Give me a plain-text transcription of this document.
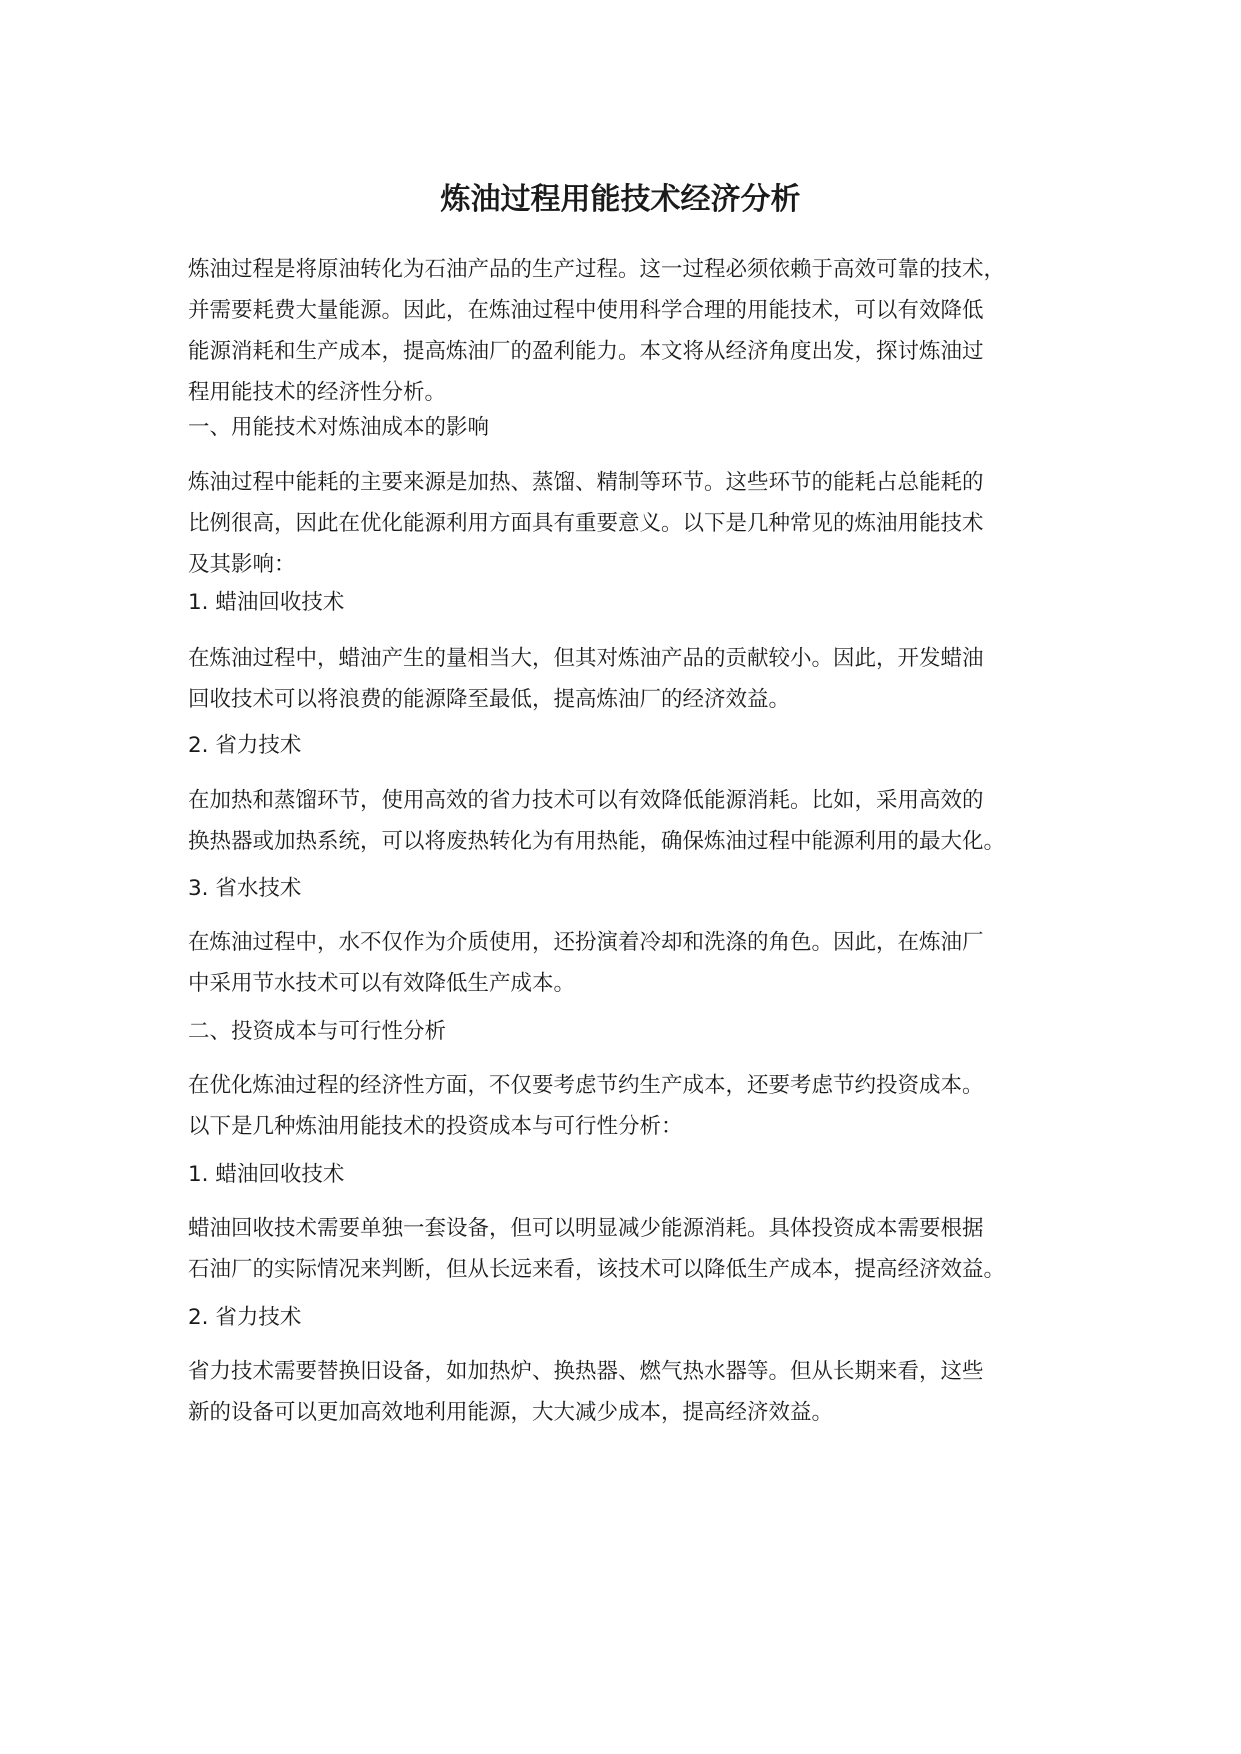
炼油过程用能技术经济分析
炼油过程是将原油转化为石油产品的生产过程。这一过程必须依赖于高效可靠的技术，
并需要耗费大量能源。因此，在炼油过程中使用科学合理的用能技术，可以有效降低
能源消耗和生产成本，提高炼油厂的盈利能力。本文将从经济角度出发，探讨炼油过
程用能技术的经济性分析。
一、用能技术对炼油成本的影响
炼油过程中能耗的主要来源是加热、蒸馏、精制等环节。这些环节的能耗占总能耗的
比例很高，因此在优化能源利用方面具有重要意义。以下是几种常见的炼油用能技术
及其影响：
1. 蜡油回收技术
在炼油过程中，蜡油产生的量相当大，但其对炼油产品的贡献较小。因此，开发蜡油
回收技术可以将浪费的能源降至最低，提高炼油厂的经济效益。
2. 省力技术
在加热和蒸馏环节，使用高效的省力技术可以有效降低能源消耗。比如，采用高效的
换热器或加热系统，可以将废热转化为有用热能，确保炼油过程中能源利用的最大化。
3. 省水技术
在炼油过程中，水不仅作为介质使用，还扮演着冷却和洗涤的角色。因此，在炼油厂
中采用节水技术可以有效降低生产成本。
二、投资成本与可行性分析
在优化炼油过程的经济性方面，不仅要考虑节约生产成本，还要考虑节约投资成本。
以下是几种炼油用能技术的投资成本与可行性分析：
1. 蜡油回收技术
蜡油回收技术需要单独一套设备，但可以明显减少能源消耗。具体投资成本需要根据
石油厂的实际情况来判断，但从长远来看，该技术可以降低生产成本，提高经济效益。
2. 省力技术
省力技术需要替换旧设备，如加热炉、换热器、燃气热水器等。但从长期来看，这些
新的设备可以更加高效地利用能源，大大减少成本，提高经济效益。
